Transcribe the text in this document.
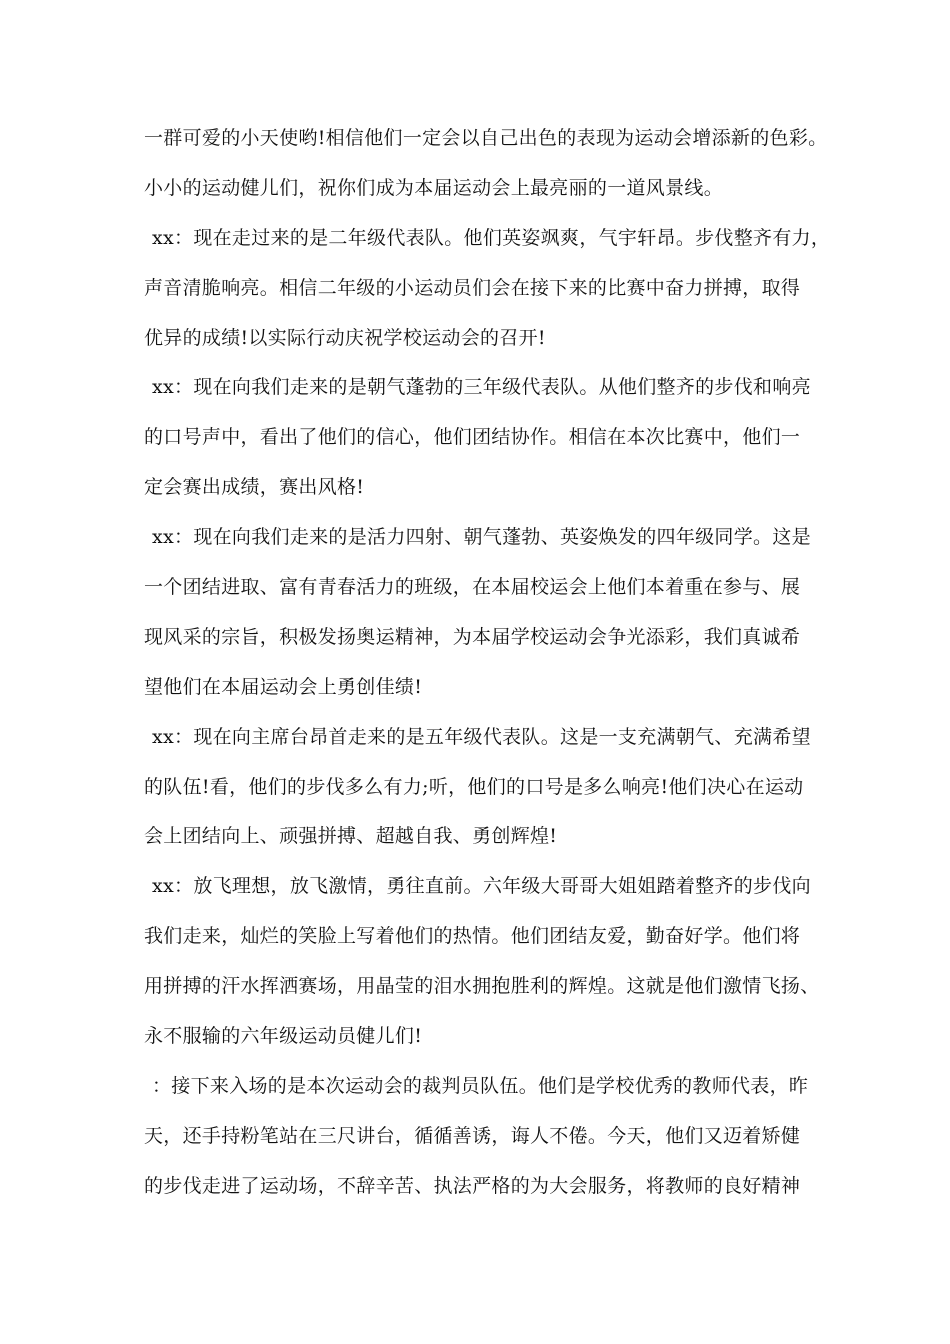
一群可爱的小天使哟!相信他们一定会以自己出色的表现为运动会增添新的色彩。
小小的运动健儿们，祝你们成为本届运动会上最亮丽的一道风景线。
xx：现在走过来的是二年级代表队。他们英姿飒爽，气宇轩昂。步伐整齐有力，
声音清脆响亮。相信二年级的小运动员们会在接下来的比赛中奋力拼搏，取得
优异的成绩!以实际行动庆祝学校运动会的召开!
xx：现在向我们走来的是朝气蓬勃的三年级代表队。从他们整齐的步伐和响亮
的口号声中，看出了他们的信心，他们团结协作。相信在本次比赛中，他们一
定会赛出成绩，赛出风格!
xx：现在向我们走来的是活力四射、朝气蓬勃、英姿焕发的四年级同学。这是
一个团结进取、富有青春活力的班级，在本届校运会上他们本着重在参与、展
现风采的宗旨，积极发扬奥运精神，为本届学校运动会争光添彩，我们真诚希
望他们在本届运动会上勇创佳绩!
xx：现在向主席台昂首走来的是五年级代表队。这是一支充满朝气、充满希望
的队伍!看，他们的步伐多么有力;听，他们的口号是多么响亮!他们决心在运动
会上团结向上、顽强拼搏、超越自我、勇创辉煌!
xx：放飞理想，放飞激情，勇往直前。六年级大哥哥大姐姐踏着整齐的步伐向
我们走来，灿烂的笑脸上写着他们的热情。他们团结友爱，勤奋好学。他们将
用拼搏的汗水挥洒赛场，用晶莹的泪水拥抱胜利的辉煌。这就是他们激情飞扬、
永不服输的六年级运动员健儿们!
：接下来入场的是本次运动会的裁判员队伍。他们是学校优秀的教师代表，昨
天，还手持粉笔站在三尺讲台，循循善诱，诲人不倦。今天，他们又迈着矫健
的步伐走进了运动场，不辞辛苦、执法严格的为大会服务，将教师的良好精神
